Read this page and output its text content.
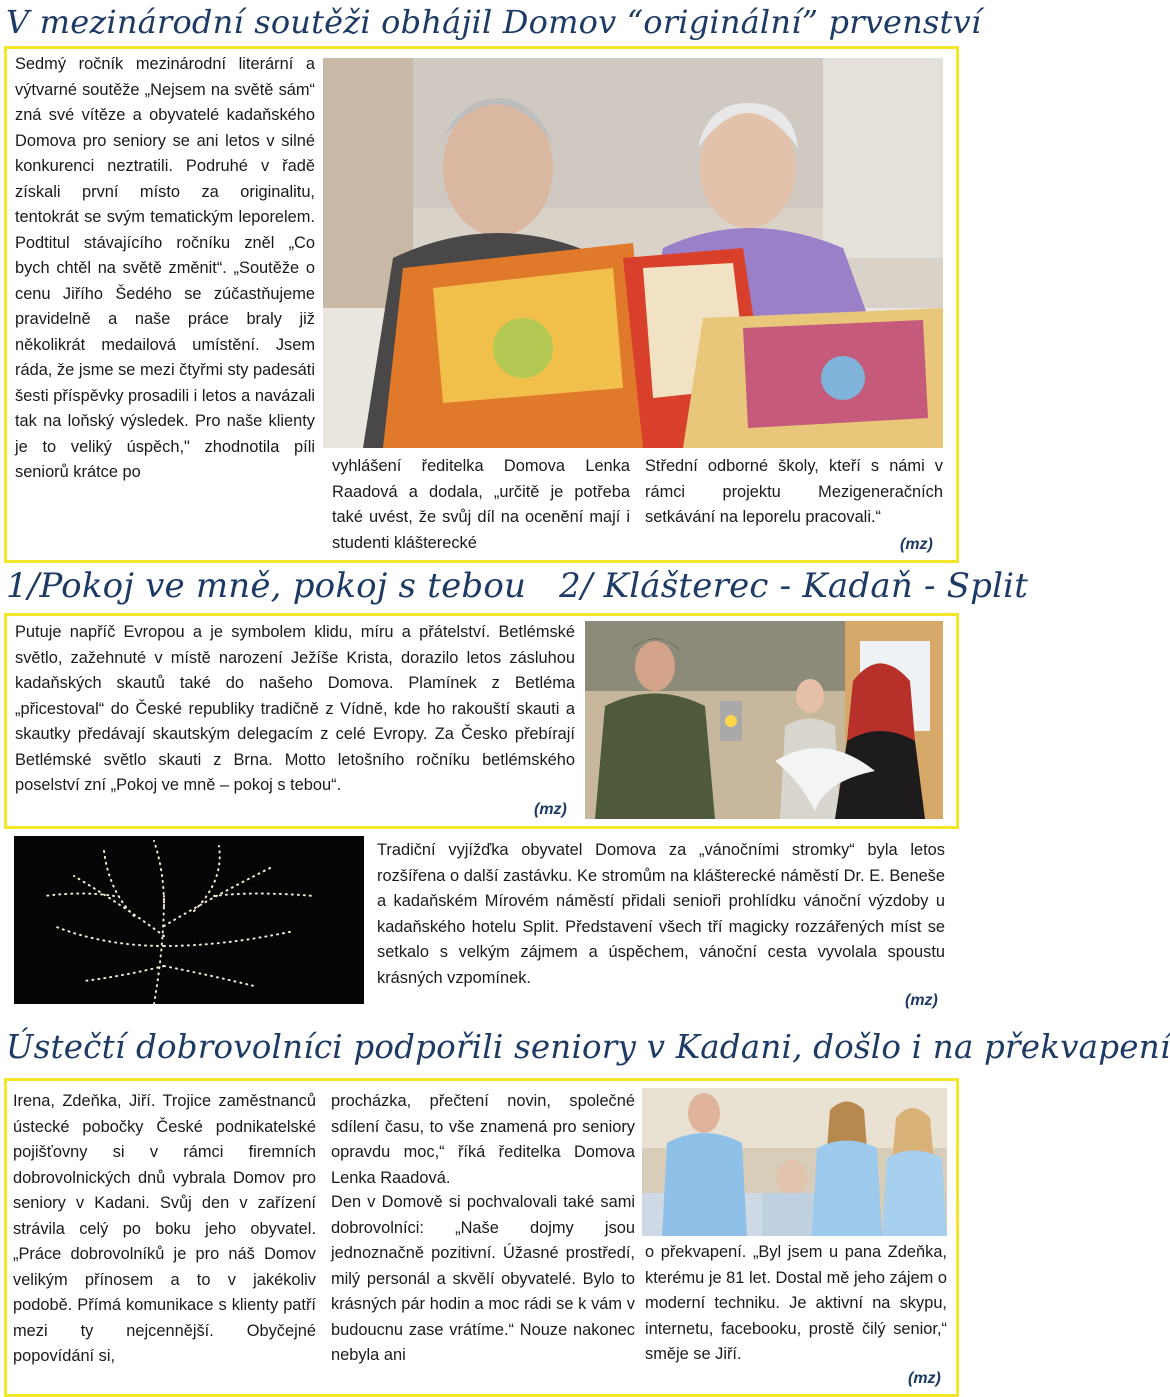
V mezinárodní soutěži obhájil Domov “originální” prvenství
Sedmý ročník mezinárodní literární a výtvarné soutěže „Nejsem na světě sám“ zná své vítěze a obyvatelé kadaňského Domova pro seniory se ani letos v silné konkurenci neztratili. Podruhé v řadě získali první místo za originalitu, tentokrát se svým tematickým leporelem. Podtitul stávajícího ročníku zněl „Co bych chtěl na světě změnit“. „Soutěže o cenu Jiřího Šedého se zúčastňujeme pravidelně a naše práce braly již několikrát medailová umístění. Jsem ráda, že jsme se mezi čtyřmi sty padesáti šesti příspěvky prosadili i letos a navázali tak na loňský výsledek. Pro naše klienty je to veliký úspěch," zhodnotila píli seniorů krátce po	vyhlášení ředitelka Domova Lenka Raadová a dodala, „určitě je potřeba také uvést, že svůj díl na ocenění mají i studenti klášterecké
Střední odborné školy, kteří s námi v rámci projektu Mezigeneračních setkávání na leporelu pracovali.“
(mz)
1/Pokoj ve mně, pokoj s tebou   2/ Klášterec - Kadaň - Split
Putuje napříč Evropou a je symbolem klidu, míru a přátelství. Betlémské světlo, zažehnuté v místě narození Ježíše Krista, dorazilo letos zásluhou kadaňských skautů také do našeho Domova. Plamínek z Betléma „přicestoval“ do České republiky tradičně z Vídně, kde ho rakouští skauti a skautky předávají skautským delegacím z celé Evropy. Za Česko přebírají Betlémské světlo skauti z Brna. Motto letošního ročníku betlémského poselství zní „Pokoj ve mně – pokoj s tebou“.
(mz)
Tradiční vyjížďka obyvatel Domova za „vánočními stromky“ byla letos rozšířena o další zastávku. Ke stromům na klášterecké náměstí Dr. E. Beneše a kadaňském Mírovém náměstí přidali senioři prohlídku vánoční výzdoby u kadaňského hotelu Split. Představení všech tří magicky rozzářených míst se setkalo s velkým zájmem a úspěchem, vánoční cesta vyvolala spoustu krásných vzpomínek.
(mz)
Ústečtí dobrovolníci podpořili seniory v Kadani, došlo i na překvapení
Irena, Zdeňka, Jiří. Trojice zaměstnanců ústecké pobočky České podnikatelské pojišťovny si v rámci firemních dobrovolnických dnů vybrala Domov pro seniory v Kadani. Svůj den v zařízení strávila celý po boku jeho obyvatel. „Práce dobrovolníků je pro náš Domov velikým přínosem a to v jakékoliv podobě. Přímá komunikace s klienty patří mezi ty nejcennější. Obyčejné popovídání si,
procházka, přečtení novin, společné sdílení času, to vše znamená pro seniory opravdu moc,“ říká ředitelka Domova Lenka Raadová.
Den v Domově si pochvalovali také sami dobrovolníci: „Naše dojmy jsou jednoznačně pozitivní. Úžasné prostředí, milý personál a skvělí obyvatelé. Bylo to krásných pár hodin a moc rádi se k vám v budoucnu zase vrátíme.“ Nouze nakonec nebyla ani
o překvapení. „Byl jsem u pana Zdeňka, kterému je 81 let. Dostal mě jeho zájem o moderní techniku. Je aktivní na skypu, internetu, facebooku, prostě čilý senior,“ směje se Jiří.
(mz)
